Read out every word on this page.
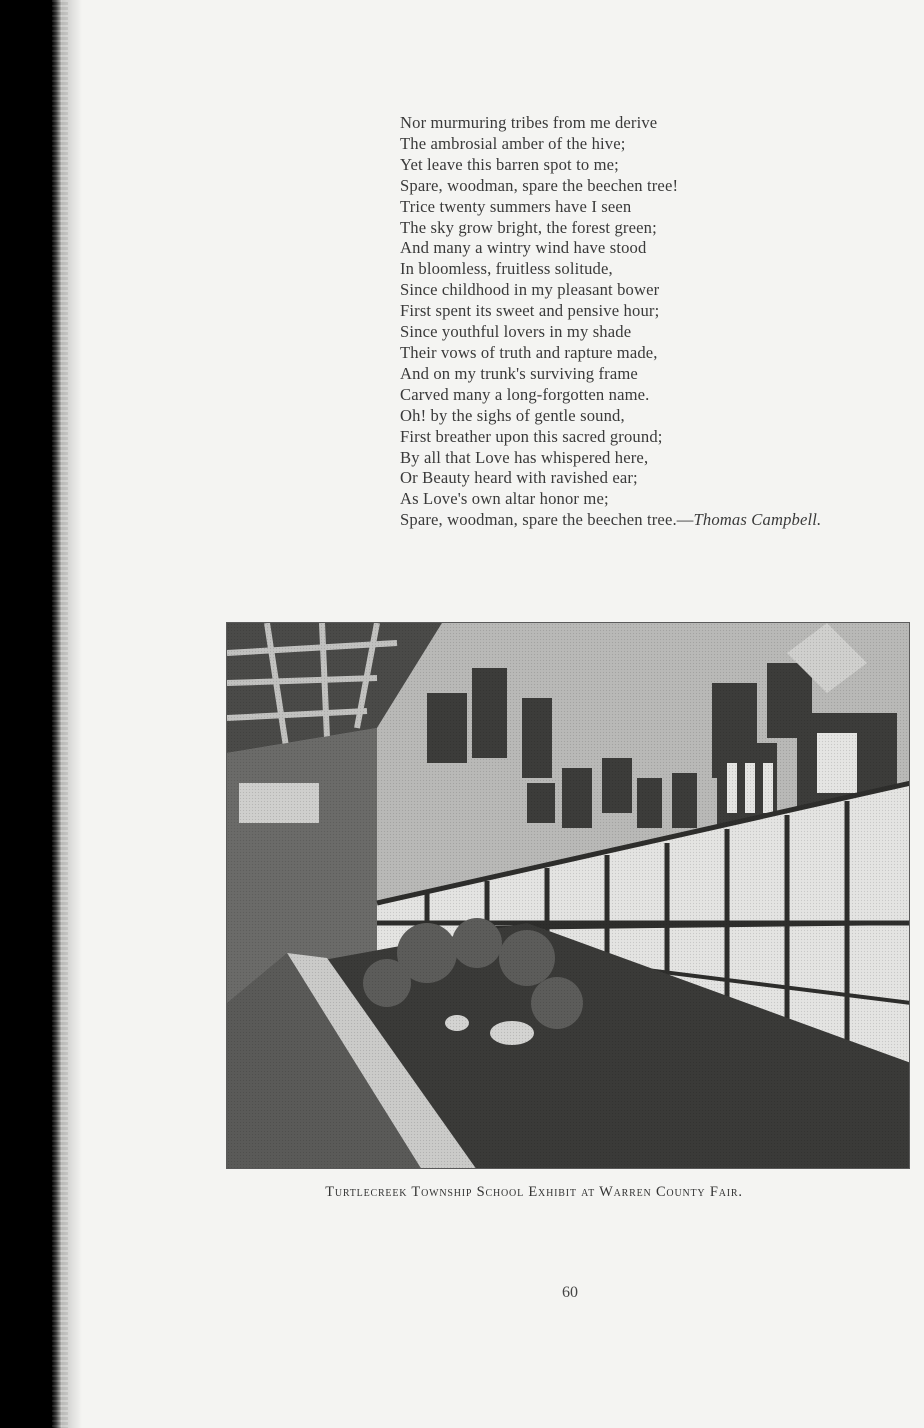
Nor murmuring tribes from me derive
The ambrosial amber of the hive;
Yet leave this barren spot to me;
Spare, woodman, spare the beechen tree!
Trice twenty summers have I seen
The sky grow bright, the forest green;
And many a wintry wind have stood
In bloomless, fruitless solitude,
Since childhood in my pleasant bower
First spent its sweet and pensive hour;
Since youthful lovers in my shade
Their vows of truth and rapture made,
And on my trunk's surviving frame
Carved many a long-forgotten name.
Oh! by the sighs of gentle sound,
First breather upon this sacred ground;
By all that Love has whispered here,
Or Beauty heard with ravished ear;
As Love's own altar honor me;
Spare, woodman, spare the beechen tree.—Thomas Campbell.
Turtlecreek Township School Exhibit at Warren County Fair.
60
